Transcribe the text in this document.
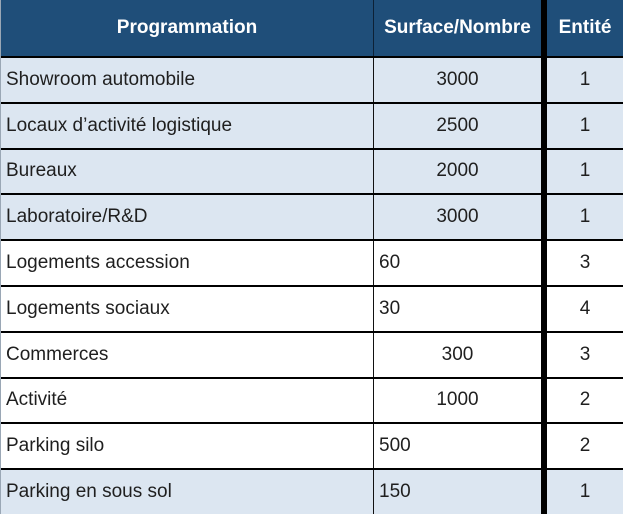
Programmation	Surface/Nombre	Entité
Showroom automobile	3000	1
Locaux d’activité logistique	2500	1
Bureaux	2000	1
Laboratoire/R&D	3000	1
Logements accession	60	3
Logements sociaux	30	4
Commerces	300	3
Activité	1000	2
Parking silo	500	2
Parking en sous sol	150	1
